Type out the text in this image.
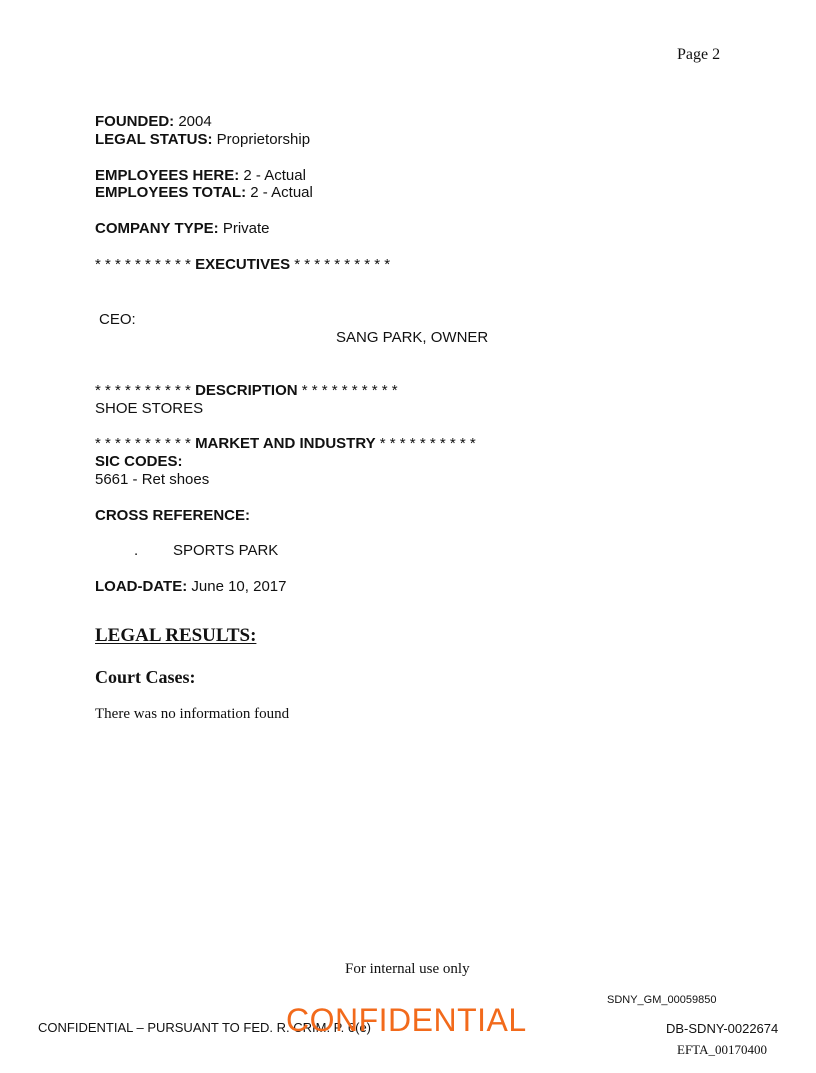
Page 2
FOUNDED: 2004
LEGAL STATUS: Proprietorship
EMPLOYEES HERE: 2 - Actual
EMPLOYEES TOTAL: 2 - Actual
COMPANY TYPE: Private
* * * * * * * * * * EXECUTIVES * * * * * * * * * *
CEO:
SANG PARK, OWNER
* * * * * * * * * * DESCRIPTION * * * * * * * * * *
SHOE STORES
* * * * * * * * * * MARKET AND INDUSTRY * * * * * * * * * *
SIC CODES:
5661 - Ret shoes
CROSS REFERENCE:
. SPORTS PARK
LOAD-DATE: June 10, 2017
LEGAL RESULTS:
Court Cases:
There was no information found
For internal use only
SDNY_GM_00059850
CONFIDENTIAL – PURSUANT TO FED. R. CRIM. P. 6(e)
CONFIDENTIAL	DB-SDNY-0022674
EFTA_00170400
